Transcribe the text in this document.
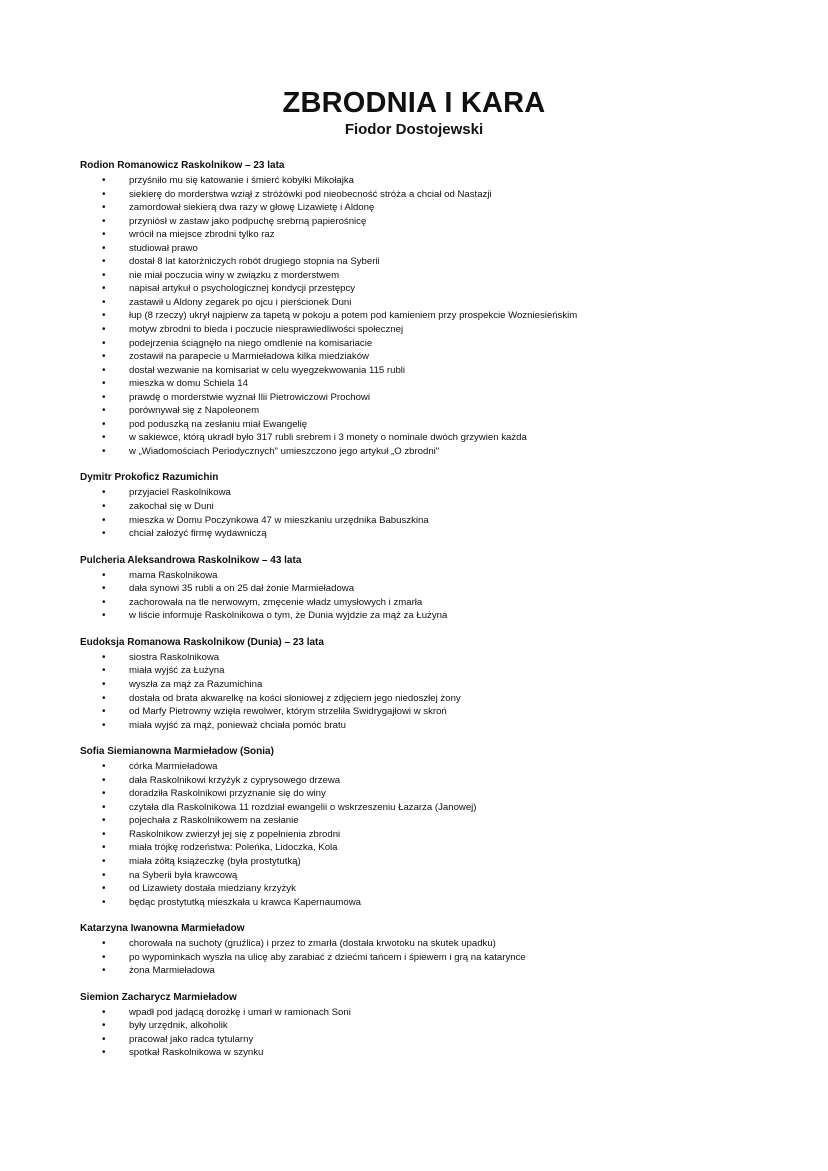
ZBRODNIA I KARA
Fiodor Dostojewski
Rodion Romanowicz Raskolnikow – 23 lata
• przyśniło mu się katowanie i śmierć kobyłki Mikołajka
• siekierę do morderstwa wziął z stróżówki pod nieobecność stróża a chciał od Nastazji
• zamordował siekierą dwa razy w głowę Lizawietę i Aldonę
• przyniósł w zastaw jako podpuchę srebrną papierośnicę
• wrócił na miejsce zbrodni tylko raz
• studiował prawo
• dostał 8 lat katorżniczych robót drugiego stopnia na Syberii
• nie miał poczucia winy w związku z morderstwem
• napisał artykuł o psychologicznej kondycji przestępcy
• zastawił u Aldony zegarek po ojcu i pierścionek Duni
• łup (8 rzeczy) ukrył najpierw za tapetą w pokoju a potem pod kamieniem przy prospekcie Wozniesieńskim
• motyw zbrodni to bieda i poczucie niesprawiedliwości społecznej
• podejrzenia ściągnęło na niego omdlenie na komisariacie
• zostawił na parapecie u Marmieładowa kilka miedziaków
• dostał wezwanie na komisariat w celu wyegzekwowania 115 rubli
• mieszka w domu Schiela 14
• prawdę o morderstwie wyznał Ilii Pietrowiczowi Prochowi
• porównywał się z Napoleonem
• pod poduszką na zesłaniu miał Ewangelię
• w sakiewce, którą ukradł było 317 rubli srebrem i 3 monety o nominale dwóch grzywien każda
• w „Wiadomościach Periodycznych" umieszczono jego artykuł „O zbrodni"
Dymitr Prokoficz Razumichin
• przyjaciel Raskolnikowa
• zakochał się w Duni
• mieszka w Domu Poczynkowa 47 w mieszkaniu urzędnika Babuszkina
• chciał założyć firmę wydawniczą
Pulcheria Aleksandrowa Raskolnikow – 43 lata
• mama Raskolnikowa
• dała synowi 35 rubli a on 25 dał żonie Marmieładowa
• zachorowała na tle nerwowym, zmęcenie władz umysłowych i zmarła
• w liście informuje Raskolnikowa o tym, że Dunia wyjdzie za mąż za Łużyna
Eudoksja Romanowa Raskolnikow (Dunia) – 23 lata
• siostra Raskolnikowa
• miała wyjść za Łużyna
• wyszła za mąż za Razumichina
• dostała od brata akwarelkę na kości słoniowej z zdjęciem jego niedoszłej żony
• od Marfy Pietrowny wzięła rewolwer, którym strzeliła Swidrygajłowi w skroń
• miała wyjść za mąż, ponieważ chciała pomóc bratu
Sofia Siemianowna Marmieładow (Sonia)
• córka Marmieładowa
• dała Raskolnikowi krzyżyk z cyprysowego drzewa
• doradziła Raskolnikowi przyznanie się do winy
• czytała dla Raskolnikowa 11 rozdział ewangelii o wskrzeszeniu Łazarza (Janowej)
• pojechała z Raskolnikowem na zesłanie
• Raskolnikow zwierzył jej się z popełnienia zbrodni
• miała trójkę rodzeństwa: Poleńka, Lidoczka, Kola
• miała żółtą książeczkę (była prostytutką)
• na Syberii była krawcową
• od Lizawiety dostała miedziany krzyżyk
• będąc prostytutką mieszkała u krawca Kapernaumowa
Katarzyna Iwanowna Marmieładow
• chorowała na suchoty (gruźlica) i przez to zmarła (dostała krwotoku na skutek upadku)
• po wypominkach wyszła na ulicę aby zarabiać z dziećmi tańcem i śpiewem i grą na katarynce
• żona Marmieładowa
Siemion Zacharycz Marmieładow
• wpadł pod jadącą dorożkę i umarł w ramionach Soni
• były urzędnik, alkoholik
• pracował jako radca tytularny
• spotkał Raskolnikowa w szynku
